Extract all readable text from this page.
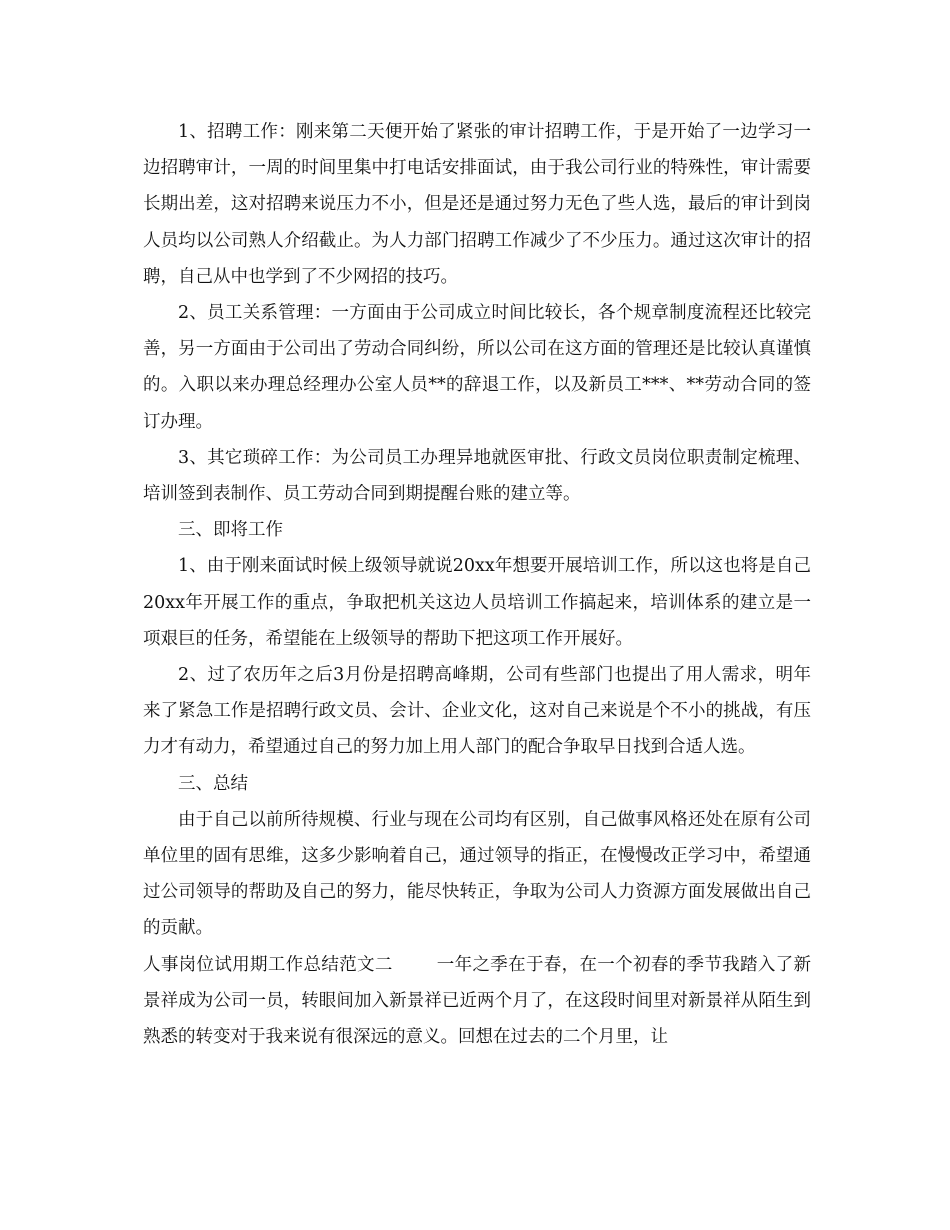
1、招聘工作：刚来第二天便开始了紧张的审计招聘工作，于是开始了一边学习一边招聘审计，一周的时间里集中打电话安排面试，由于我公司行业的特殊性，审计需要长期出差，这对招聘来说压力不小，但是还是通过努力无色了些人选，最后的审计到岗人员均以公司熟人介绍截止。为人力部门招聘工作减少了不少压力。通过这次审计的招聘，自己从中也学到了不少网招的技巧。

2、员工关系管理：一方面由于公司成立时间比较长，各个规章制度流程还比较完善，另一方面由于公司出了劳动合同纠纷，所以公司在这方面的管理还是比较认真谨慎的。入职以来办理总经理办公室人员**的辞退工作，以及新员工***、**劳动合同的签订办理。

3、其它琐碎工作：为公司员工办理异地就医审批、行政文员岗位职责制定梳理、培训签到表制作、员工劳动合同到期提醒台账的建立等。

三、即将工作

1、由于刚来面试时候上级领导就说20xx年想要开展培训工作，所以这也将是自己20xx年开展工作的重点，争取把机关这边人员培训工作搞起来，培训体系的建立是一项艰巨的任务，希望能在上级领导的帮助下把这项工作开展好。

2、过了农历年之后3月份是招聘高峰期，公司有些部门也提出了用人需求，明年来了紧急工作是招聘行政文员、会计、企业文化，这对自己来说是个不小的挑战，有压力才有动力，希望通过自己的努力加上用人部门的配合争取早日找到合适人选。

三、总结

由于自己以前所待规模、行业与现在公司均有区别，自己做事风格还处在原有公司单位里的固有思维，这多少影响着自己，通过领导的指正，在慢慢改正学习中，希望通过公司领导的帮助及自己的努力，能尽快转正，争取为公司人力资源方面发展做出自己的贡献。

人事岗位试用期工作总结范文二	一年之季在于春，在一个初春的季节我踏入了新景祥成为公司一员，转眼间加入新景祥已近两个月了，在这段时间里对新景祥从陌生到熟悉的转变对于我来说有很深远的意义。回想在过去的二个月里，让
